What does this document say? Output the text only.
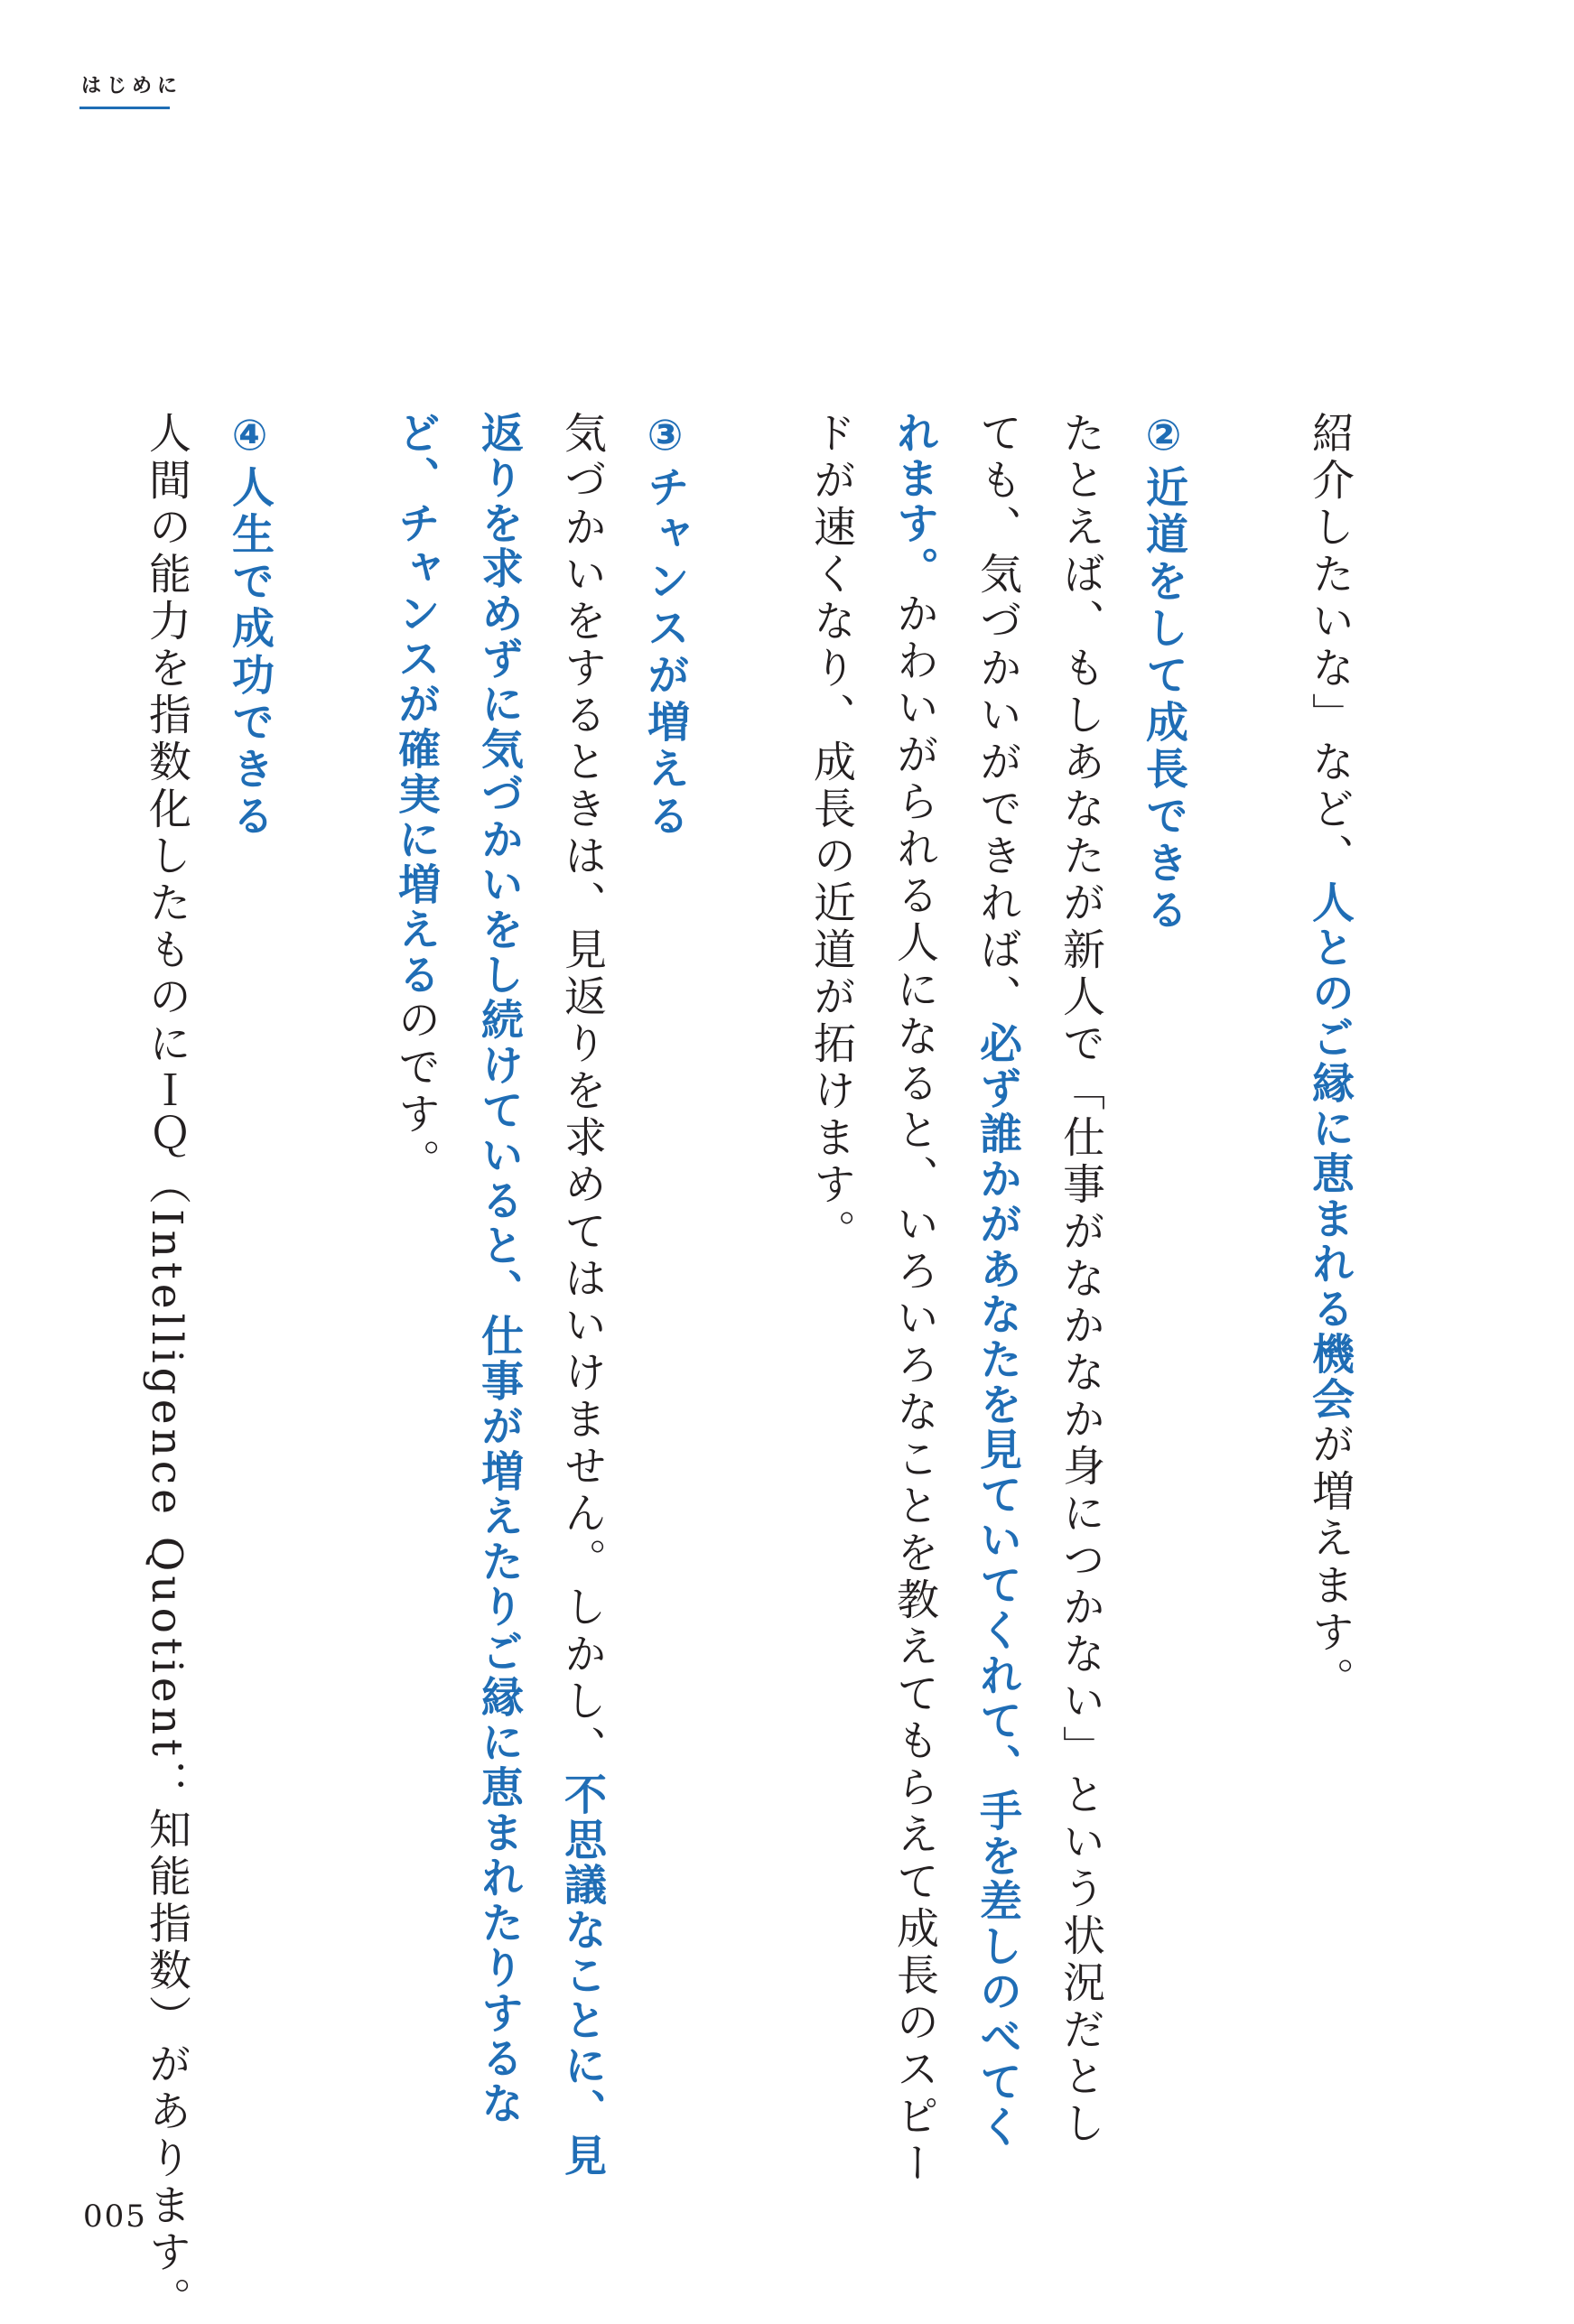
はじめに

紹介したいな」など、人とのご縁に恵まれる機会が増えます。

②近道をして成長できる

たとえば、もしあなたが新人で「仕事がなかなか身につかない」という状況だとし

ても、気づかいができれば、必ず誰かがあなたを見ていてくれて、手を差しのべてく

れます。かわいがられる人になると、いろいろなことを教えてもらえて成長のスピー

ドが速くなり、成長の近道が拓けます。

③チャンスが増える

気づかいをするときは、見返りを求めてはいけません。しかし、不思議なことに、見

返りを求めずに気づかいをし続けていると、仕事が増えたりご縁に恵まれたりするな

ど、チャンスが確実に増えるのです。

④人生で成功できる

人間の能力を指数化したものにＩＱ（Intelligence Quotient：知能指数）があります。

005
